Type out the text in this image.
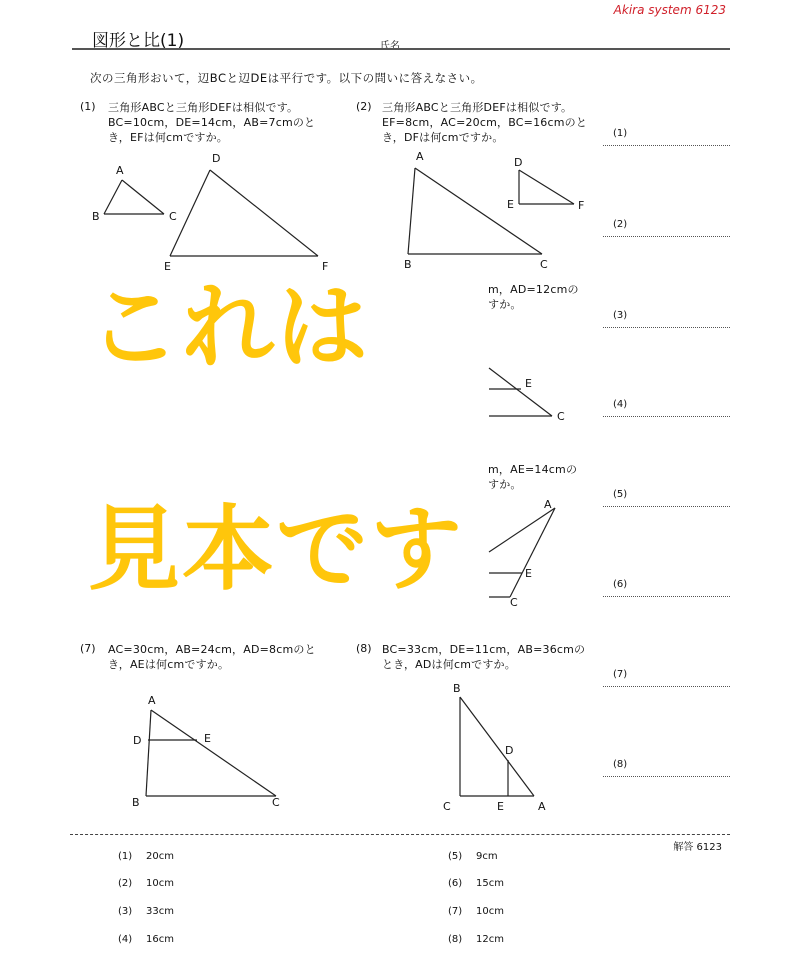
Akira system 6123
図形と比(1)	氏名
次の三角形おいて，辺BCと辺DEは平行です。以下の問いに答えなさい。
(1) 三角形ABCと三角形DEFは相似です。
BC=10cm，DE=14cm，AB=7cmのと
き，EFは何cmですか。
(2) 三角形ABCと三角形DEFは相似です。
EF=8cm，AC=20cm，BC=16cmのと
き，DFは何cmですか。
m，AD=12cmの
すか。
m，AE=14cmの
すか。
(7) AC=30cm，AB=24cm，AD=8cmのと
き，AEは何cmですか。
(8) BC=33cm，DE=11cm，AB=36cmの
とき，ADは何cmですか。
(1)
(2)
(3)
(4)
(5)
(6)
(7)
(8)
A
B	C
D
E	F
A
B	C
D
E	F
E
C
A
E
C
A
D	E
B	C
B
D
C	E	A
これは
見本です
解答 6123
(1) 20cm
(2) 10cm
(3) 33cm
(4) 16cm
(5) 9cm
(6) 15cm
(7) 10cm
(8) 12cm
